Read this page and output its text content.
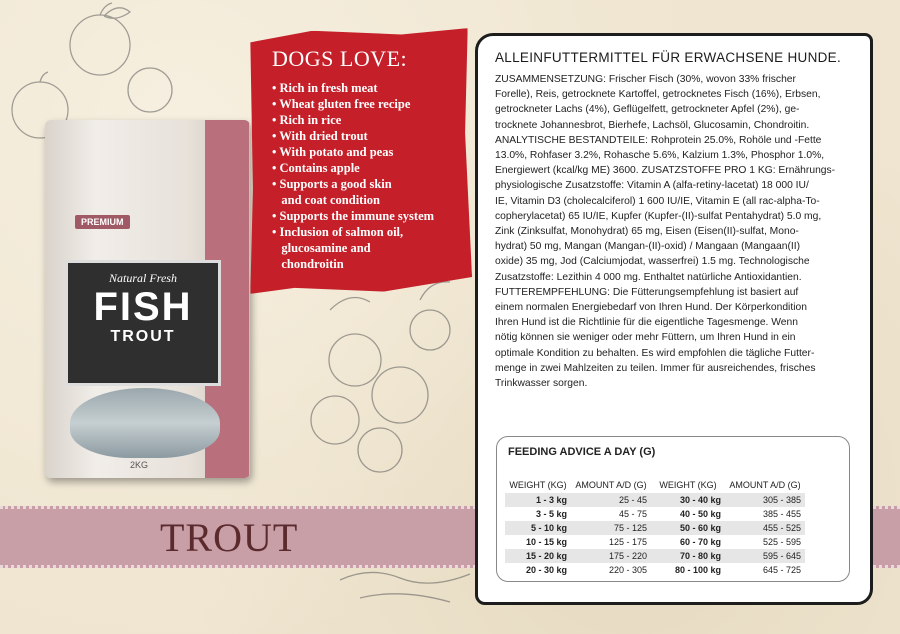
PREMIUM
Natural Fresh
FISH
TROUT
2KG
DOGS LOVE:
• Rich in fresh meat
• Wheat gluten free recipe
• Rich in rice
• With dried trout
• With potato and peas
• Contains apple
• Supports a good skin
and coat condition
• Supports the immune system
• Inclusion of salmon oil,
glucosamine and
chondroitin
TROUT
ALLEINFUTTERMITTEL FÜR ERWACHSENE HUNDE.

ZUSAMMENSETZUNG: Frischer Fisch (30%, wovon 33% frischer
Forelle), Reis, getrocknete Kartoffel, getrocknetes Fisch (16%), Erbsen,
getrockneter Lachs (4%), Geflügelfett, getrockneter Apfel (2%), ge-
trocknete Johannesbrot, Bierhefe, Lachsöl, Glucosamin, Chondroitin.
ANALYTISCHE BESTANDTEILE: Rohprotein 25.0%, Rohöle und -Fette
13.0%, Rohfaser 3.2%, Rohasche 5.6%, Kalzium 1.3%, Phosphor 1.0%,
Energiewert (kcal/kg ME) 3600. ZUSATZSTOFFE PRO 1 KG: Ernährungs-
physiologische Zusatzstoffe: Vitamin A (alfa-retiny-lacetat) 18 000 IU/
IE, Vitamin D3 (cholecalciferol) 1 600 IU/IE, Vitamin E (all rac-alpha-To-
copherylacetat) 65 IU/IE, Kupfer (Kupfer-(II)-sulfat Pentahydrat) 5.0 mg,
Zink (Zinksulfat, Monohydrat) 65 mg, Eisen (Eisen(II)-sulfat, Mono-
hydrat) 50 mg, Mangan (Mangan-(II)-oxid) / Mangaan (Mangaan(II)
oxide) 35 mg, Jod (Calciumjodat, wasserfrei) 1.5 mg. Technologische
Zusatzstoffe: Lezithin 4 000 mg. Enthaltet natürliche Antioxidantien.
FUTTEREMPFEHLUNG: Die Fütterungsempfehlung ist basiert auf
einem normalen Energiebedarf von Ihren Hund. Der Körperkondition
Ihren Hund ist die Richtlinie für die eigentliche Tagesmenge. Wenn
nötig können sie weniger oder mehr Füttern, um Ihren Hund in ein
optimale Kondition zu behalten. Es wird empfohlen die tägliche Futter-
menge in zwei Mahlzeiten zu teilen. Immer für ausreichendes, frisches
Trinkwasser sorgen.

FEEDING ADVICE A DAY (G)
WEIGHT (KG)	AMOUNT A/D (G)	WEIGHT (KG)	AMOUNT A/D (G)
1 - 3 kg	25 - 45	30 - 40 kg	305 - 385
3 - 5 kg	45 - 75	40 - 50 kg	385 - 455
5 - 10 kg	75 - 125	50 - 60 kg	455 - 525
10 - 15 kg	125 - 175	60 - 70 kg	525 - 595
15 - 20 kg	175 - 220	70 - 80 kg	595 - 645
20 - 30 kg	220 - 305	80 - 100 kg	645 - 725
